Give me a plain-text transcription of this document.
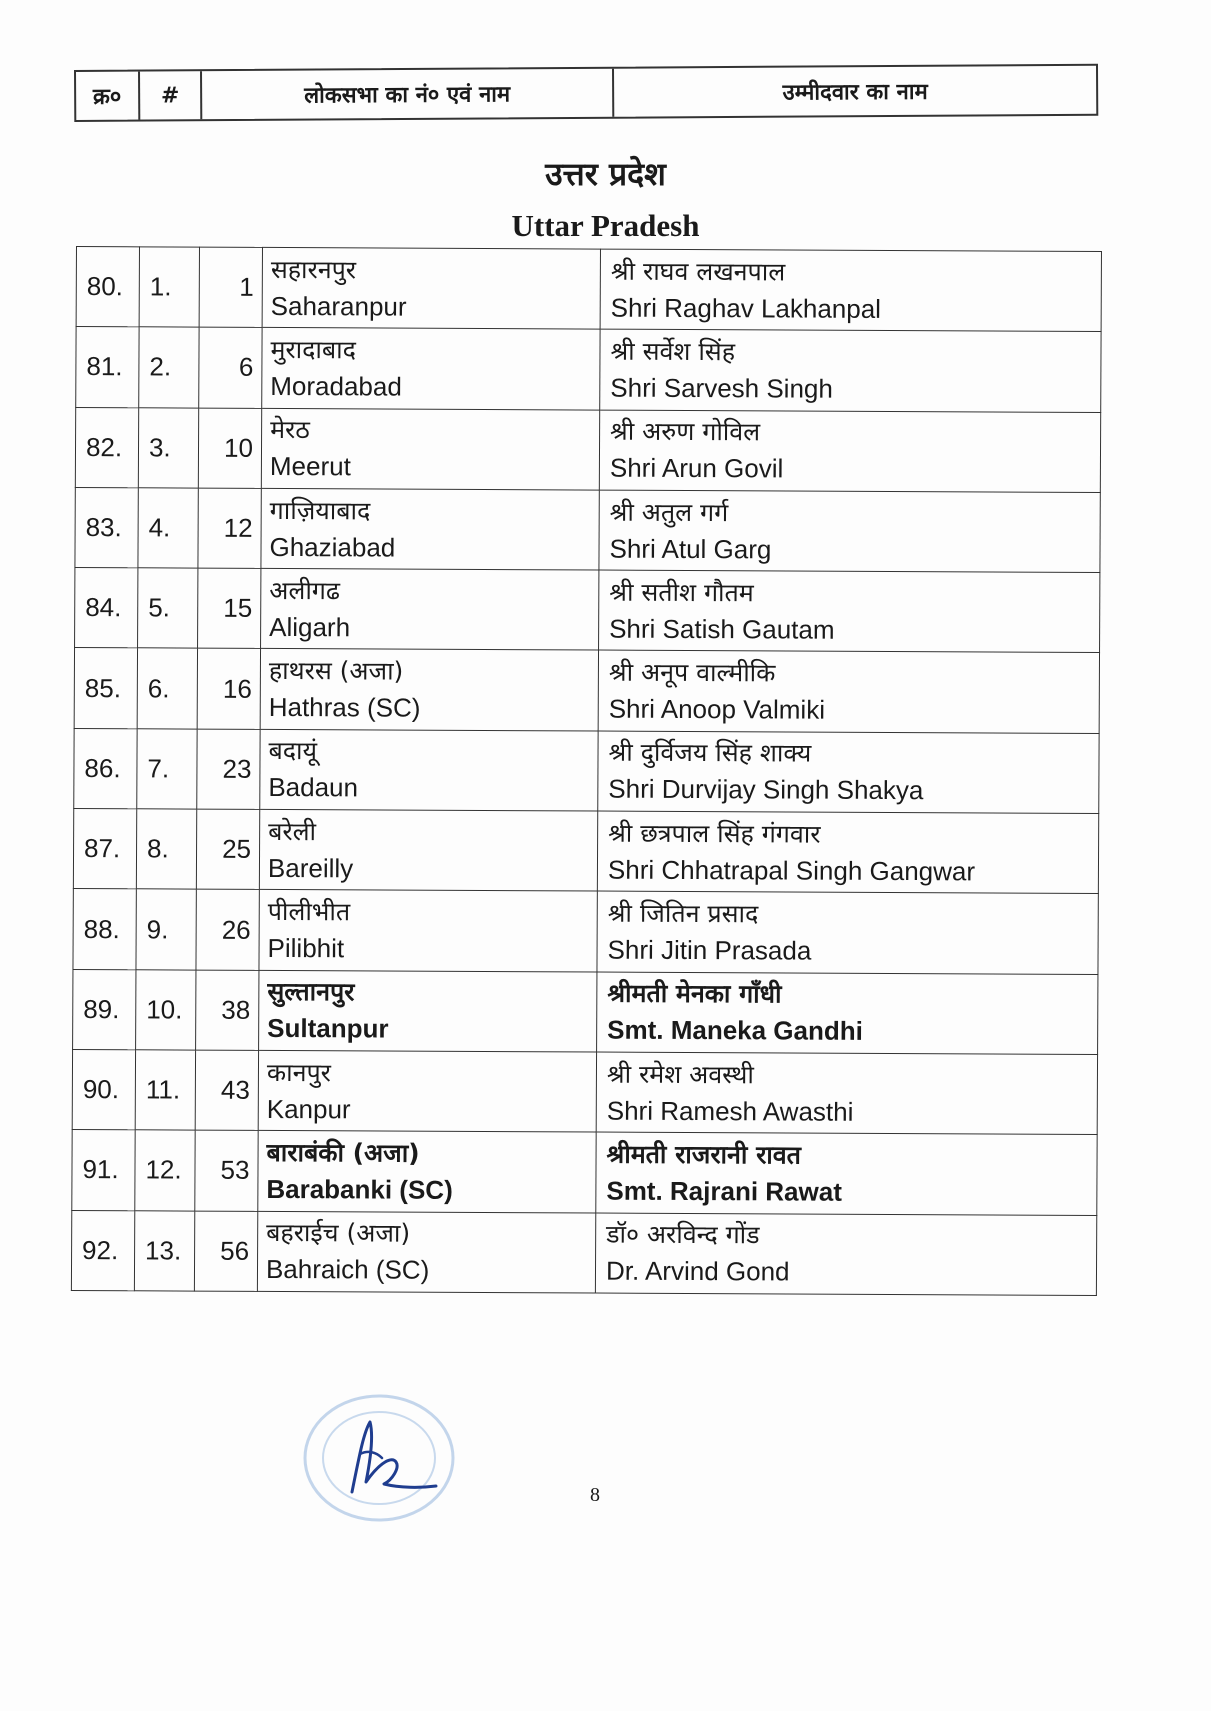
क्र०	#	लोकसभा का नं० एवं नाम	उम्मीदवार का नाम
उत्तर प्रदेश
Uttar Pradesh
80.	1.	1	सहारनपुर
Saharanpur	श्री राघव लखनपाल
Shri Raghav Lakhanpal

81.	2.	6	मुरादाबाद
Moradabad	श्री सर्वेश सिंह
Shri Sarvesh Singh

82.	3.	10	मेरठ
Meerut	श्री अरुण गोविल
Shri Arun Govil

83.	4.	12	गाज़ियाबाद
Ghaziabad	श्री अतुल गर्ग
Shri Atul Garg

84.	5.	15	अलीगढ
Aligarh	श्री सतीश गौतम
Shri Satish Gautam

85.	6.	16	हाथरस (अजा)
Hathras (SC)	श्री अनूप वाल्मीकि
Shri Anoop Valmiki

86.	7.	23	बदायूं
Badaun	श्री दुर्विजय सिंह शाक्य
Shri Durvijay Singh Shakya

87.	8.	25	बरेली
Bareilly	श्री छत्रपाल सिंह गंगवार
Shri Chhatrapal Singh Gangwar

88.	9.	26	पीलीभीत
Pilibhit	श्री जितिन प्रसाद
Shri Jitin Prasada

89.	10.	38	सुल्तानपुर
Sultanpur	श्रीमती मेनका गाँधी
Smt. Maneka Gandhi

90.	11.	43	कानपुर
Kanpur	श्री रमेश अवस्थी
Shri Ramesh Awasthi

91.	12.	53	बाराबंकी (अजा)
Barabanki (SC)	श्रीमती राजरानी रावत
Smt. Rajrani Rawat

92.	13.	56	बहराईच (अजा)
Bahraich (SC)	डॉ० अरविन्द गोंड
Dr. Arvind Gond
8
